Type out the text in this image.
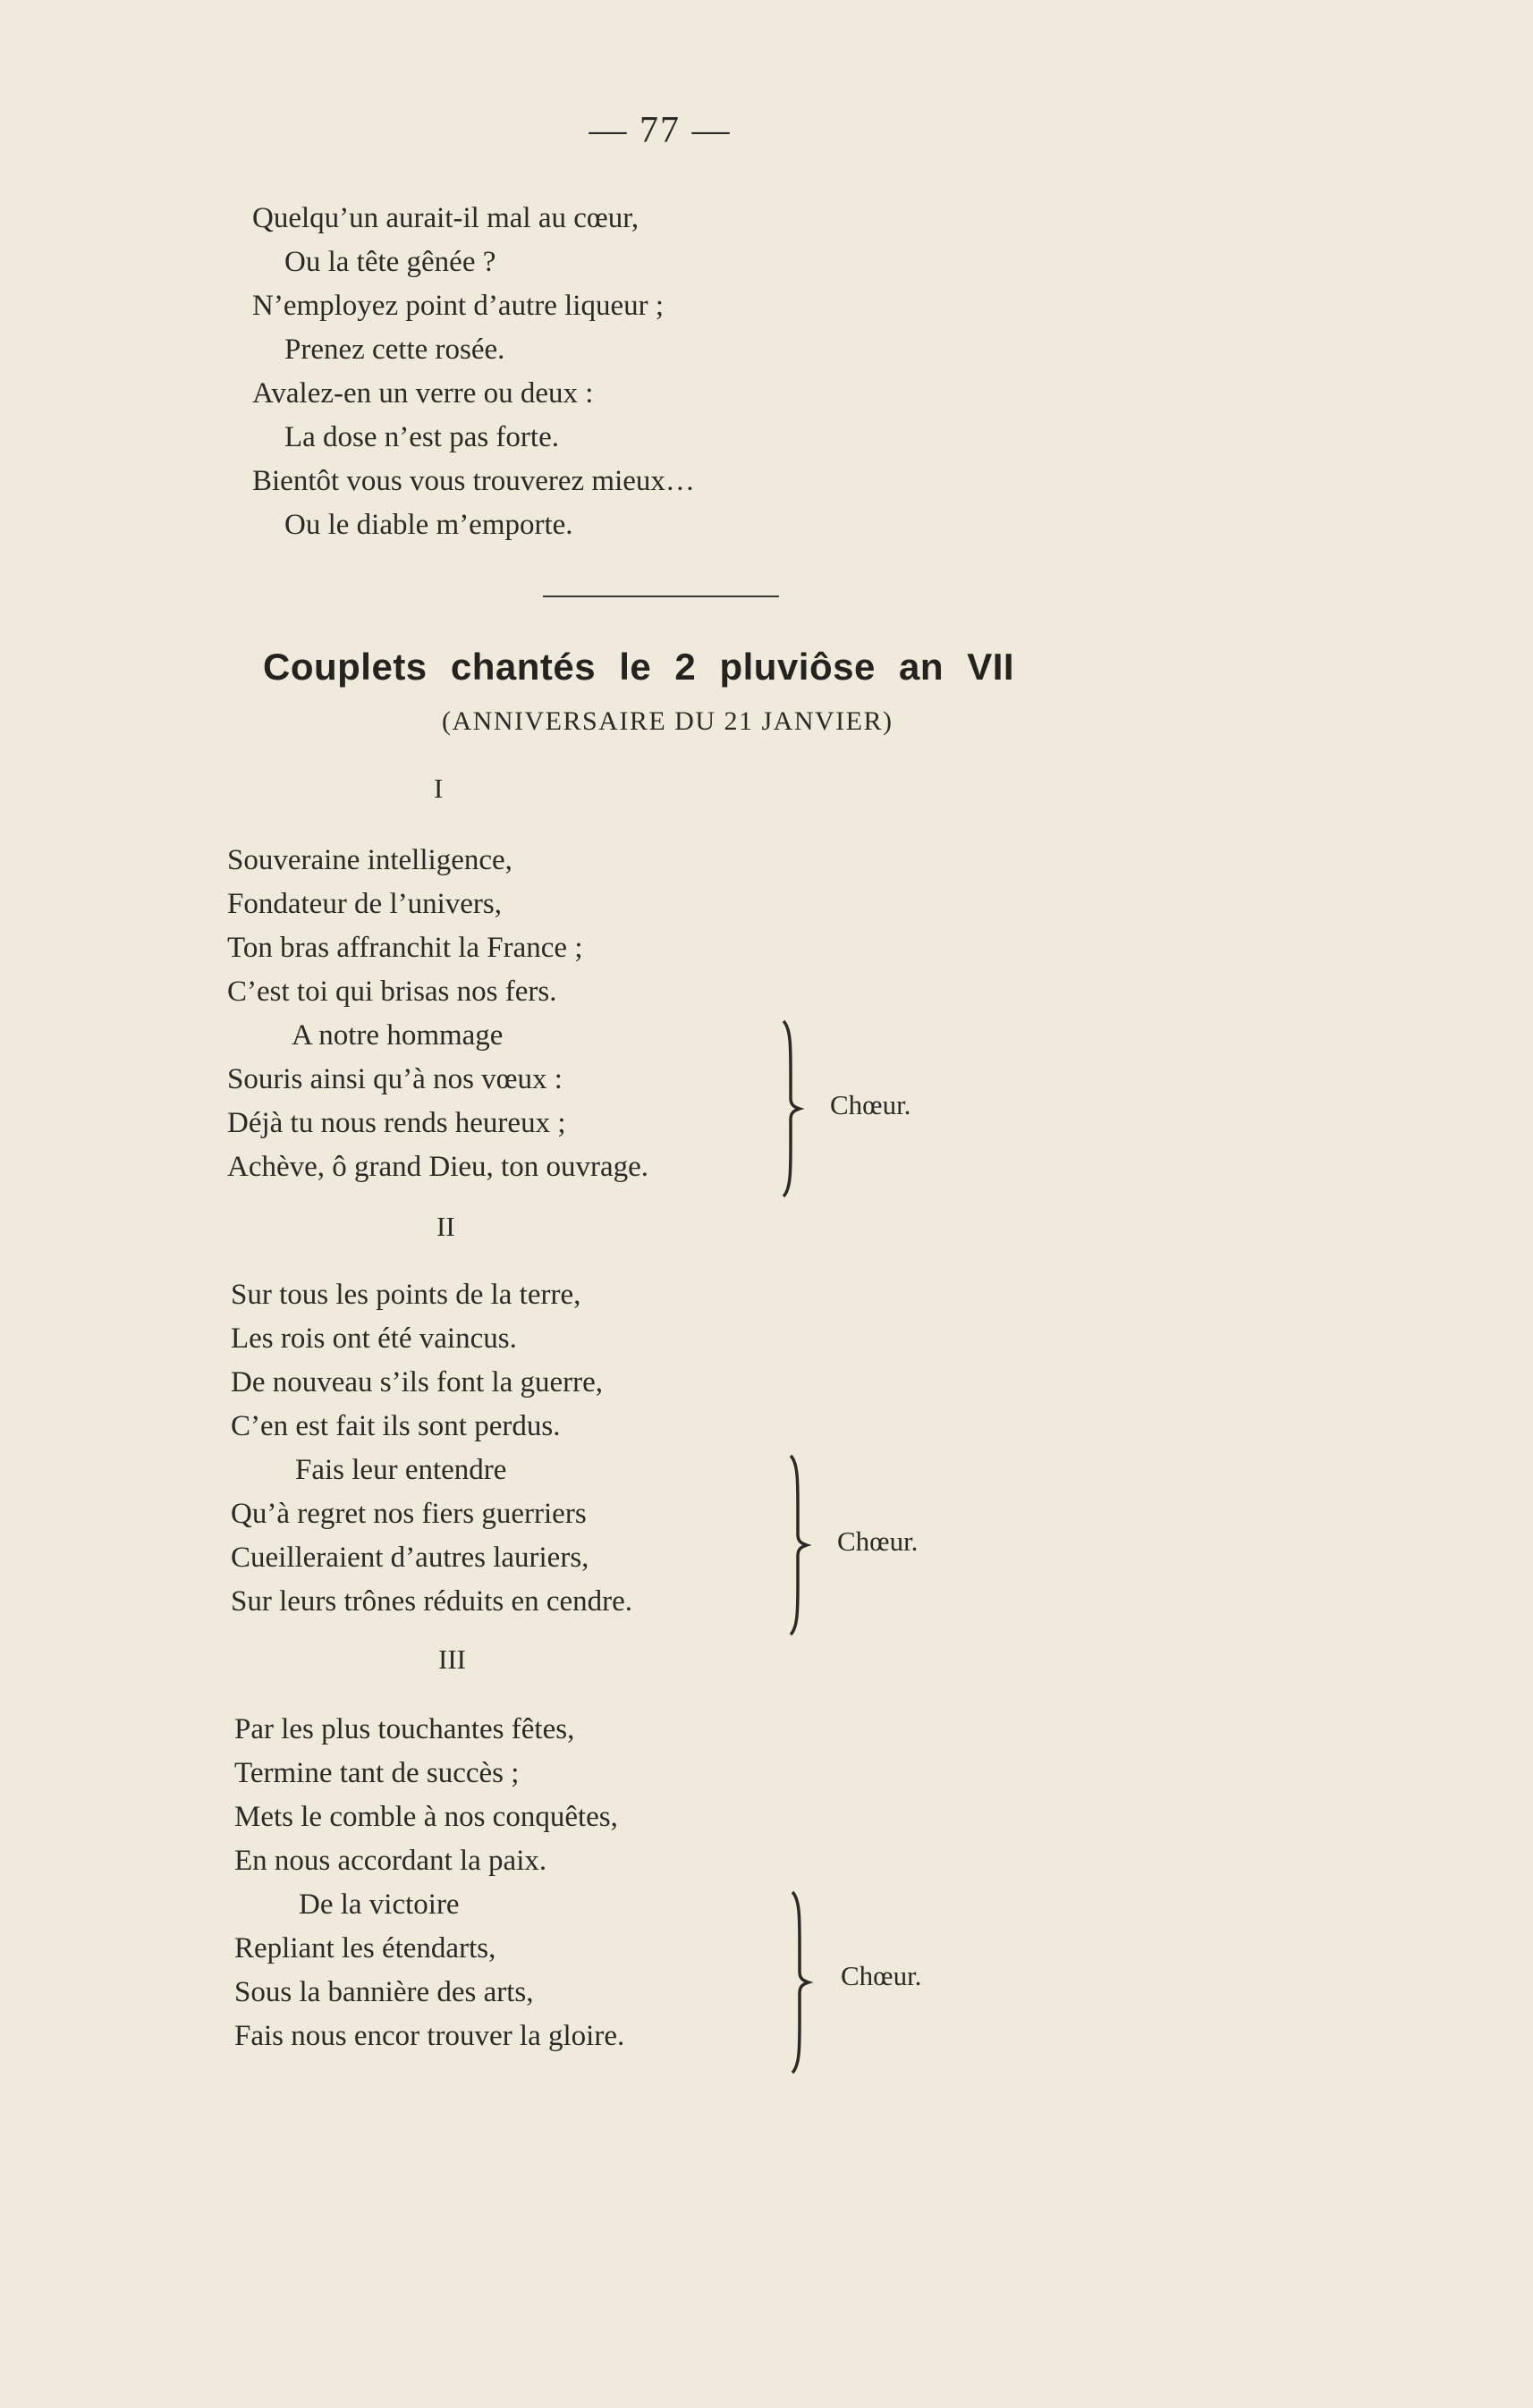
— 77 —
Quelqu’un aurait-il mal au cœur,
Ou la tête gênée ?
N’employez point d’autre liqueur ;
Prenez cette rosée.
Avalez-en un verre ou deux :
La dose n’est pas forte.
Bientôt vous vous trouverez mieux…
Ou le diable m’emporte.
Couplets chantés le 2 pluviôse an VII
(ANNIVERSAIRE DU 21 JANVIER)
I
Souveraine intelligence,
Fondateur de l’univers,
Ton bras affranchit la France ;
C’est toi qui brisas nos fers.
A notre hommage
Souris ainsi qu’à nos vœux :
Déjà tu nous rends heureux ;
Achève, ô grand Dieu, ton ouvrage.
Chœur.
II
Sur tous les points de la terre,
Les rois ont été vaincus.
De nouveau s’ils font la guerre,
C’en est fait ils sont perdus.
Fais leur entendre
Qu’à regret nos fiers guerriers
Cueilleraient d’autres lauriers,
Sur leurs trônes réduits en cendre.
Chœur.
III
Par les plus touchantes fêtes,
Termine tant de succès ;
Mets le comble à nos conquêtes,
En nous accordant la paix.
De la victoire
Repliant les étendarts,
Sous la bannière des arts,
Fais nous encor trouver la gloire.
Chœur.
